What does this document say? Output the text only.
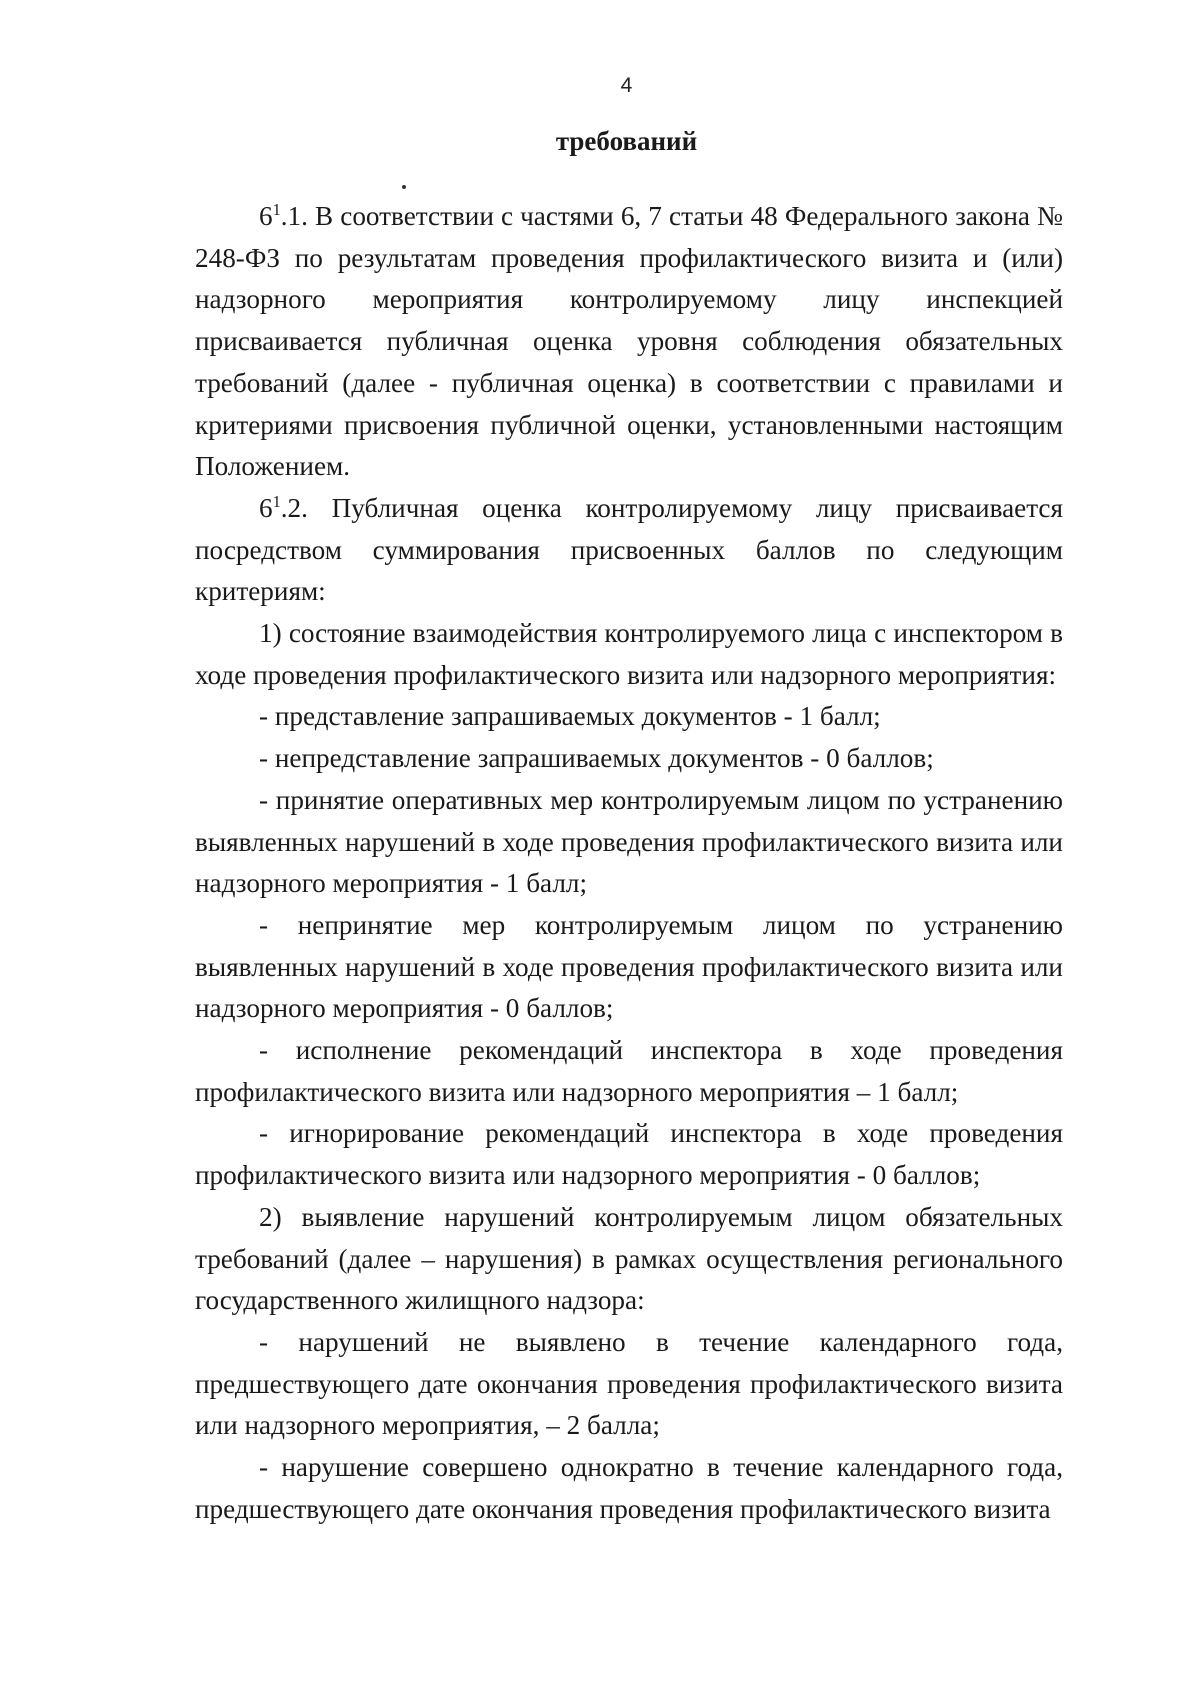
4
требований

$6^1.1$. В соответствии с частями 6, 7 статьи 48 Федерального закона № 248-ФЗ по результатам проведения профилактического визита и (или) надзорного мероприятия контролируемому лицу инспекцией присваивается публичная оценка уровня соблюдения обязательных требований (далее - публичная оценка) в соответствии с правилами и критериями присвоения публичной оценки, установленными настоящим Положением.

$6^1.2$. Публичная оценка контролируемому лицу присваивается посредством суммирования присвоенных баллов по следующим критериям:

1) состояние взаимодействия контролируемого лица с инспектором в ходе проведения профилактического визита или надзорного мероприятия:

- представление запрашиваемых документов - 1 балл;

- непредставление запрашиваемых документов - 0 баллов;

- принятие оперативных мер контролируемым лицом по устранению выявленных нарушений в ходе проведения профилактического визита или надзорного мероприятия - 1 балл;

- непринятие мер контролируемым лицом по устранению выявленных нарушений в ходе проведения профилактического визита или надзорного мероприятия - 0 баллов;

- исполнение рекомендаций инспектора в ходе проведения профилактического визита или надзорного мероприятия – 1 балл;

- игнорирование рекомендаций инспектора в ходе проведения профилактического визита или надзорного мероприятия - 0 баллов;

2) выявление нарушений контролируемым лицом обязательных требований (далее – нарушения) в рамках осуществления регионального государственного жилищного надзора:

- нарушений не выявлено в течение календарного года, предшествующего дате окончания проведения профилактического визита или надзорного мероприятия, – 2 балла;

- нарушение совершено однократно в течение календарного года, предшествующего дате окончания проведения профилактического визита
